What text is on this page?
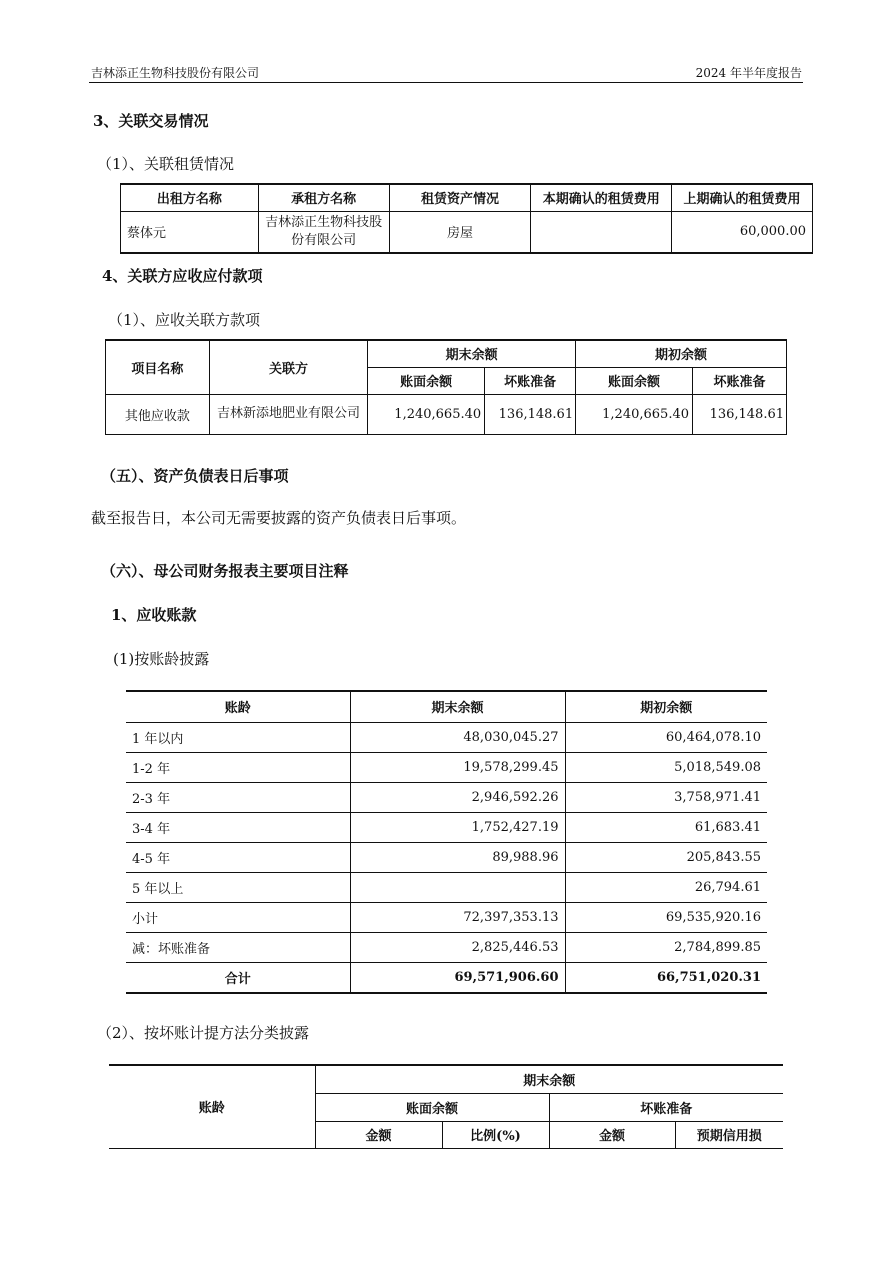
吉林添正生物科技股份有限公司	2024 年半年度报告
3、关联交易情况
（1）、关联租赁情况
出租方名称	承租方名称	租赁资产情况	本期确认的租赁费用	上期确认的租赁费用
蔡体元	吉林添正生物科技股份有限公司	房屋		60,000.00
4、关联方应收应付款项
（1）、应收关联方款项
项目名称	关联方	期末余额		期初余额	
		账面余额	坏账准备	账面余额	坏账准备
其他应收款	吉林新添地肥业有限公司	1,240,665.40	136,148.61	1,240,665.40	136,148.61
（五）、资产负债表日后事项
截至报告日，本公司无需要披露的资产负债表日后事项。
（六）、母公司财务报表主要项目注释
1、应收账款
(1)按账龄披露
账龄	期末余额	期初余额
1 年以内	48,030,045.27	60,464,078.10
1-2 年	19,578,299.45	5,018,549.08
2-3 年	2,946,592.26	3,758,971.41
3-4 年	1,752,427.19	61,683.41
4-5 年	89,988.96	205,843.55
5 年以上		26,794.61
小计	72,397,353.13	69,535,920.16
减：坏账准备	2,825,446.53	2,784,899.85
合计	69,571,906.60	66,751,020.31
（2）、按坏账计提方法分类披露
账龄	期末余额			
	账面余额		坏账准备	
	金额	比例(%)	金额	预期信用损
